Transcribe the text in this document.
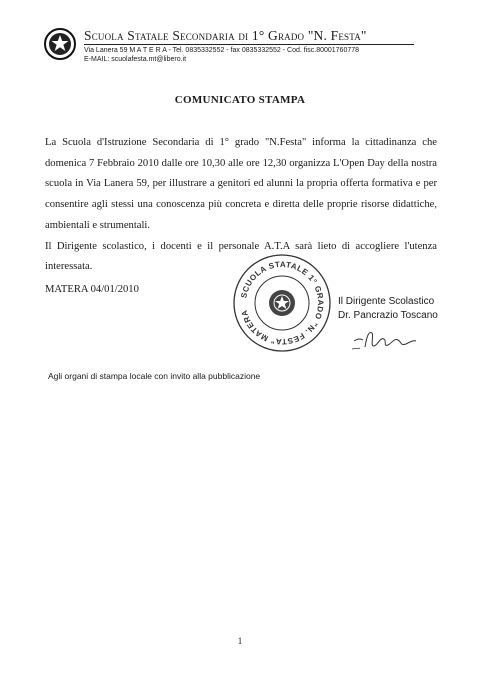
Scuola Statale Secondaria di 1° Grado "N. Festa"
Via Lanera 59 M A T E R A - Tel. 0835332552 - fax 0835332552 - Cod. fisc.80001760778
E-MAIL: scuolafesta.mt@libero.it
COMUNICATO STAMPA

La Scuola d'Istruzione Secondaria di 1° grado "N.Festa" informa la cittadinanza che domenica 7 Febbraio 2010 dalle ore 10,30 alle ore 12,30 organizza L'Open Day della nostra scuola in Via Lanera 59, per illustrare a genitori ed alunni la propria offerta formativa e per consentire agli stessi una conoscenza più concreta e diretta delle proprie risorse didattiche, ambientali e strumentali.

Il Dirigente scolastico, i docenti e il personale A.T.A sarà lieto di accogliere l'utenza interessata.

MATERA 04/01/2010
SCUOLA STATALE 1° GRADO "N. FESTA" MATERA
Il Dirigente Scolastico
Dr. Pancrazio Toscano
Agli organi di stampa locale con invito alla pubblicazione
1
